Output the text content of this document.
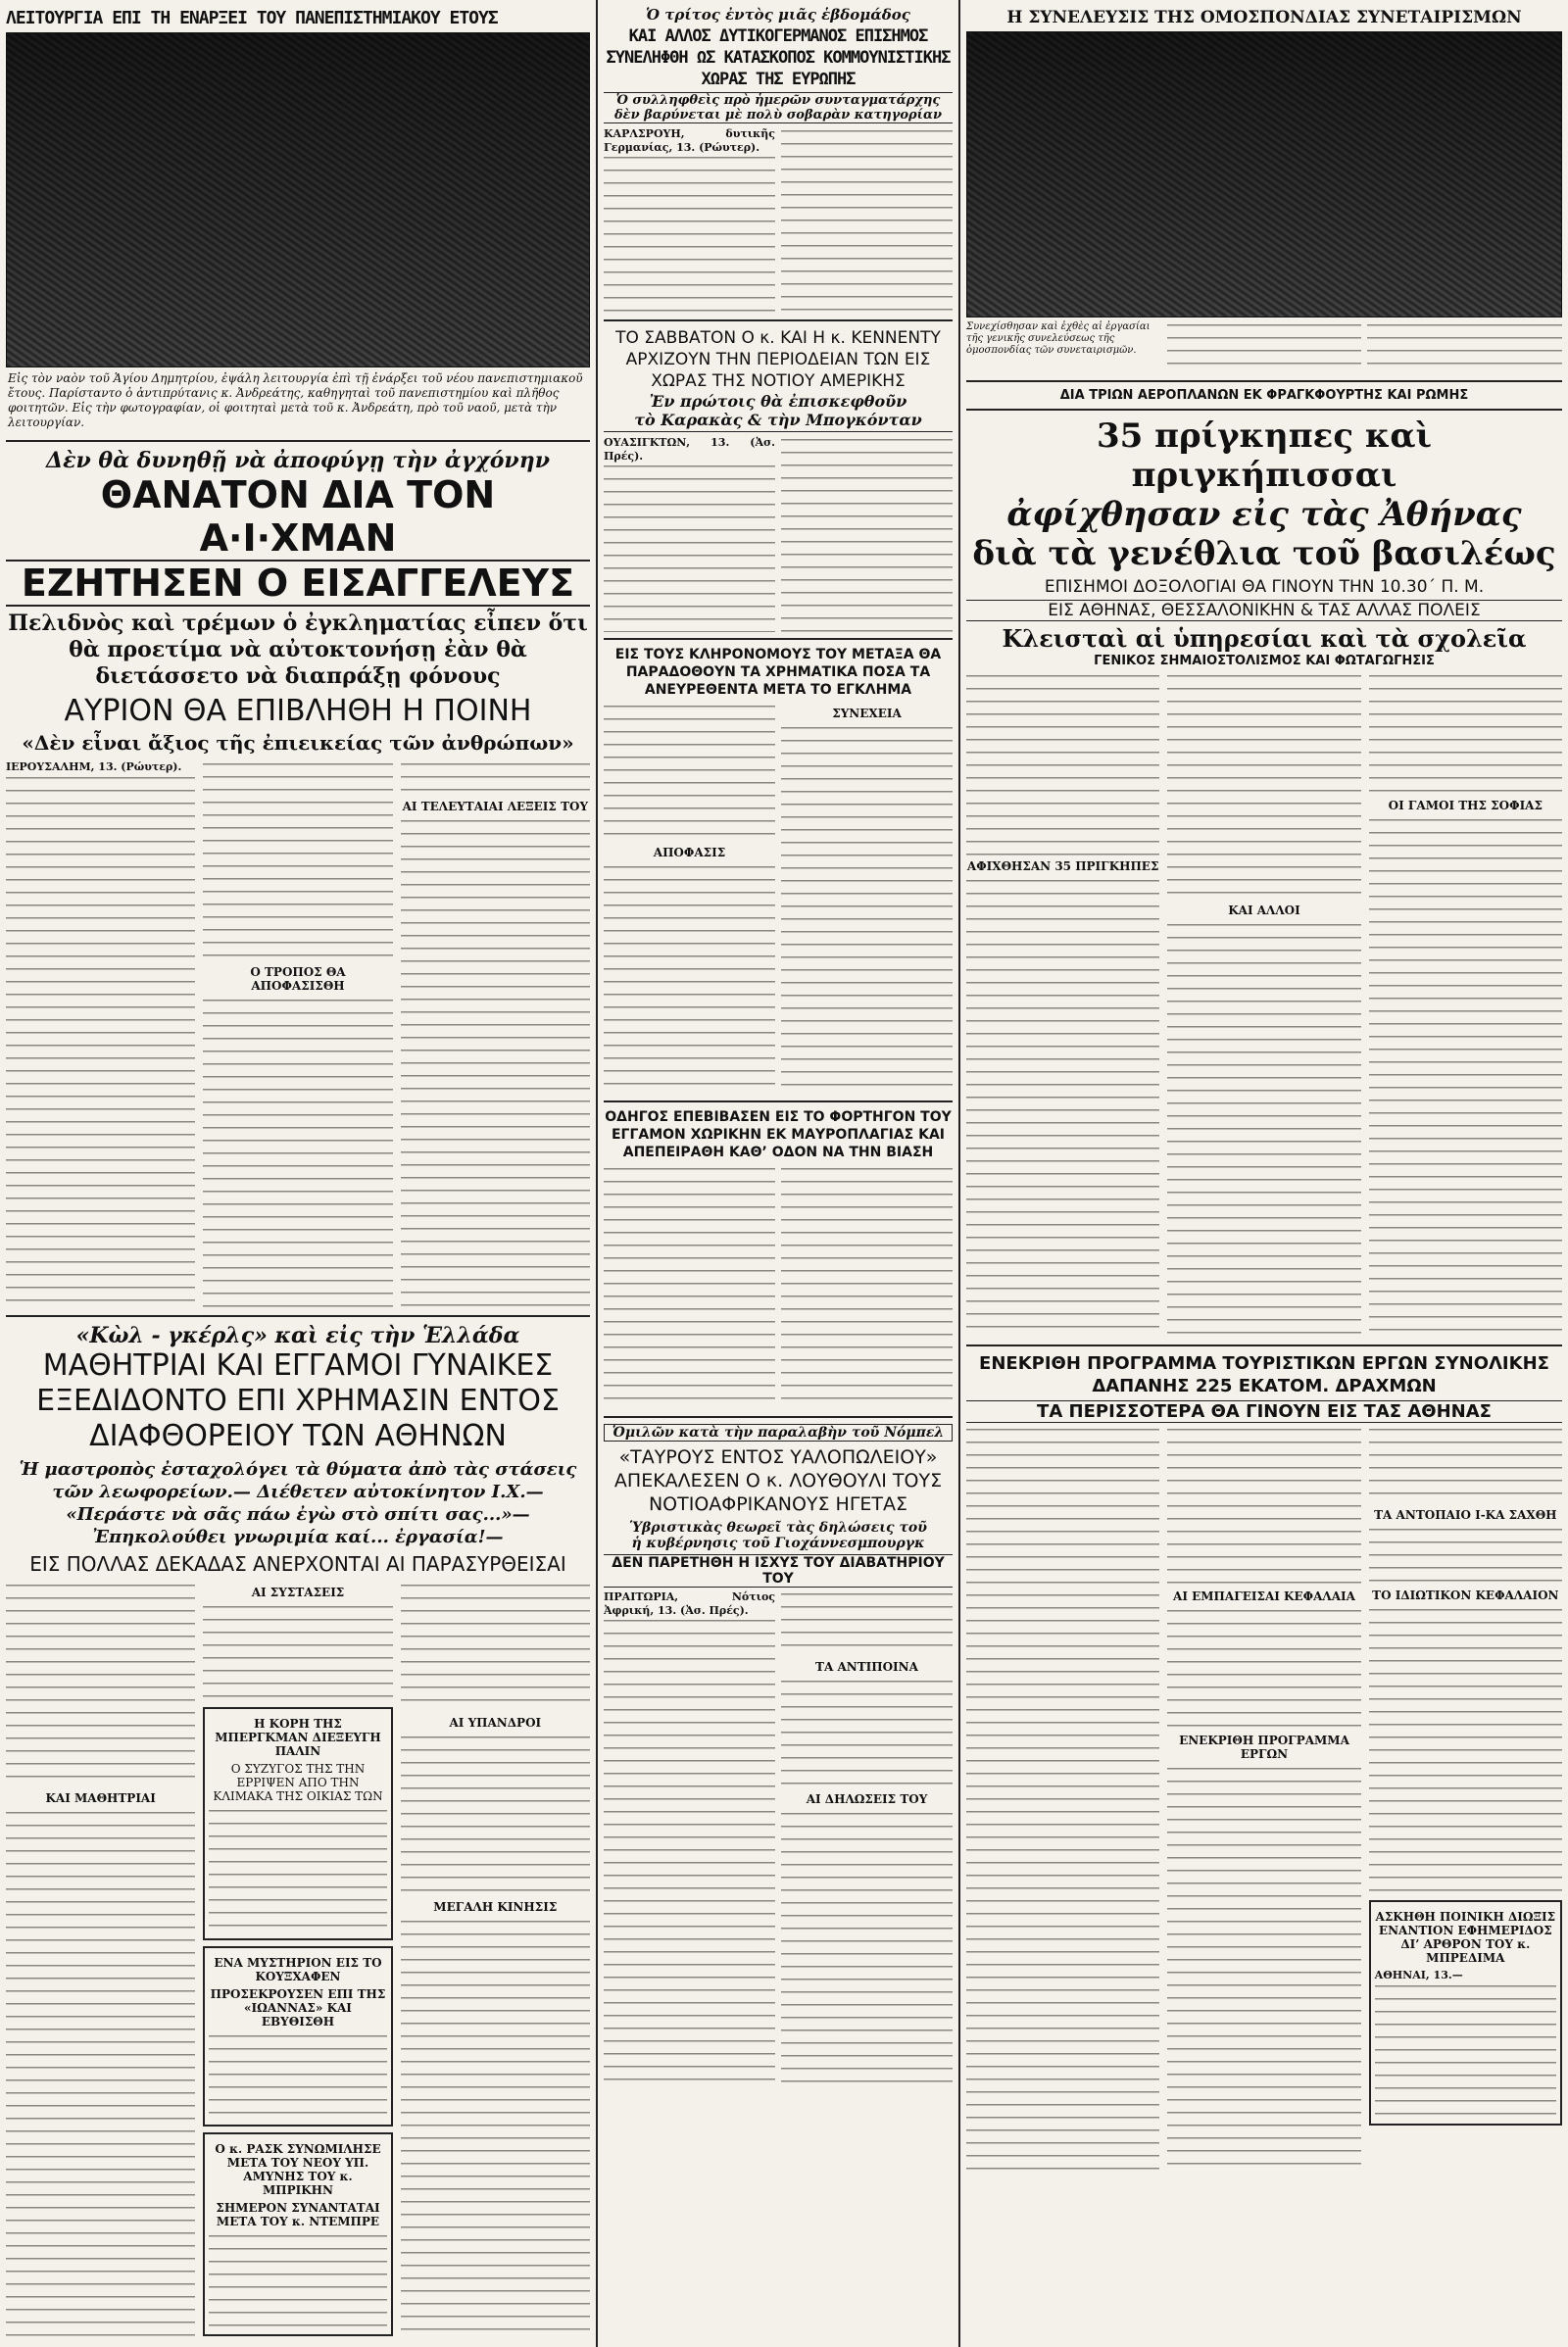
ΛΕΙΤΟΥΡΓΙΑ ΕΠΙ ΤΗ ΕΝΑΡΞΕΙ ΤΟΥ ΠΑΝΕΠΙΣΤΗΜΙΑΚΟΥ ΕΤΟΥΣ
Εἰς τὸν ναὸν τοῦ Ἁγίου Δημητρίου, ἐψάλη λειτουργία ἐπὶ τῇ ἐνάρξει τοῦ νέου πανεπιστημιακοῦ ἔτους. Παρίσταντο ὁ ἀντιπρύτανις κ. Ἀνδρεάτης, καθηγηταὶ τοῦ πανεπιστημίου καὶ πλῆθος φοιτητῶν. Εἰς τὴν φωτογραφίαν, οἱ φοιτηταὶ μετὰ τοῦ κ. Ἀνδρεάτη, πρὸ τοῦ ναοῦ, μετὰ τὴν λειτουργίαν.
Δὲν θὰ δυνηθῇ νὰ ἀποφύγῃ τὴν ἀγχόνην
ΘΑΝΑΤΟΝ ΔΙΑ ΤΟΝ Α·Ι·ΧΜΑΝ
ΕΖΗΤΗΣΕΝ Ο ΕΙΣΑΓΓΕΛΕΥΣ
Πελιδνὸς καὶ τρέμων ὁ ἐγκληματίας εἶπεν ὅτι θὰ προετίμα νὰ αὐτοκτονήσῃ ἐὰν θὰ διετάσσετο νὰ διαπράξῃ φόνους
ΑΥΡΙΟΝ ΘΑ ΕΠΙΒΛΗΘΗ Η ΠΟΙΝΗ
«Δὲν εἶναι ἄξιος τῆς ἐπιεικείας τῶν ἀνθρώπων»
ΙΕΡΟΥΣΑΛΗΜ, 13. (Ρώυτερ).
Ο ΤΡΟΠΟΣ ΘΑ ΑΠΟΦΑΣΙΣΘΗ
ΑΙ ΤΕΛΕΥΤΑΙΑΙ ΛΕΞΕΙΣ ΤΟΥ
«Κὼλ - γκέρλς» καὶ εἰς τὴν Ἑλλάδα
ΜΑΘΗΤΡΙΑΙ ΚΑΙ ΕΓΓΑΜΟΙ ΓΥΝΑΙΚΕΣ ΕΞΕΔΙΔΟΝΤΟ ΕΠΙ ΧΡΗΜΑΣΙΝ ΕΝΤΟΣ ΔΙΑΦΘΟΡΕΙΟΥ ΤΩΝ ΑΘΗΝΩΝ
Ἡ μαστροπὸς ἐσταχολόγει τὰ θύματα ἀπὸ τὰς στάσεις τῶν λεωφορείων.— Διέθετεν αὐτοκίνητον Ι.Χ.— «Περάστε νὰ σᾶς πάω ἐγὼ στὸ σπίτι σας...»— Ἐπηκολούθει γνωριμία καί... ἐργασία!—
ΕΙΣ ΠΟΛΛΑΣ ΔΕΚΑΔΑΣ ΑΝΕΡΧΟΝΤΑΙ ΑΙ ΠΑΡΑΣΥΡΘΕΙΣΑΙ
ΚΑΙ ΜΑΘΗΤΡΙΑΙ
ΑΙ ΣΥΣΤΑΣΕΙΣ
Η ΚΟΡΗ ΤΗΣ ΜΠΕΡΓΚΜΑΝ ΔΙΕΞΕΥΓΗ ΠΑΛΙΝ
Ο ΣΥΖΥΓΟΣ ΤΗΣ ΤΗΝ ΕΡΡΙΨΕΝ ΑΠΟ ΤΗΝ ΚΛΙΜΑΚΑ ΤΗΣ ΟΙΚΙΑΣ ΤΩΝ
ΕΝΑ ΜΥΣΤΗΡΙΟΝ ΕΙΣ ΤΟ ΚΟΥΞΧΑΦΕΝ
ΠΡΟΣΕΚΡΟΥΣΕΝ ΕΠΙ ΤΗΣ «ΙΩΑΝΝΑΣ» ΚΑΙ ΕΒΥΘΙΣΘΗ
Ο κ. ΡΑΣΚ ΣΥΝΩΜΙΛΗΣΕ ΜΕΤΑ ΤΟΥ ΝΕΟΥ ΥΠ. ΑΜΥΝΗΣ ΤΟΥ κ. ΜΠΡΙΚΗΝ
ΣΗΜΕΡΟΝ ΣΥΝΑΝΤΑΤΑΙ ΜΕΤΑ ΤΟΥ κ. ΝΤΕΜΠΡΕ
ΑΙ ΥΠΑΝΔΡΟΙ
ΜΕΓΑΛΗ ΚΙΝΗΣΙΣ
Ὁ τρίτος ἐντὸς μιᾶς ἑβδομάδος
ΚΑΙ ΑΛΛΟΣ ΔΥΤΙΚΟΓΕΡΜΑΝΟΣ ΕΠΙΣΗΜΟΣ ΣΥΝΕΛΗΦΘΗ ΩΣ ΚΑΤΑΣΚΟΠΟΣ ΚΟΜΜΟΥΝΙΣΤΙΚΗΣ ΧΩΡΑΣ ΤΗΣ ΕΥΡΩΠΗΣ
Ὁ συλληφθεὶς πρὸ ἡμερῶν συνταγματάρχης
δὲν βαρύνεται μὲ πολὺ σοβαρὰν κατηγορίαν
ΚΑΡΛΣΡΟΥΗ, δυτικῆς Γερμανίας, 13. (Ρώυτερ).
ΤΟ ΣΑΒΒΑΤΟΝ Ο κ. ΚΑΙ Η κ. ΚΕΝΝΕΝΤΥ ΑΡΧΙΖΟΥΝ ΤΗΝ ΠΕΡΙΟΔΕΙΑΝ ΤΩΝ ΕΙΣ ΧΩΡΑΣ ΤΗΣ ΝΟΤΙΟΥ ΑΜΕΡΙΚΗΣ
Ἐν πρώτοις θὰ ἐπισκεφθοῦν
τὸ Καρακὰς & τὴν Μπογκόνταν
ΟΥΑΣΙΓΚΤΩΝ, 13. (Ἀσ. Πρές).
ΕΙΣ ΤΟΥΣ ΚΛΗΡΟΝΟΜΟΥΣ ΤΟΥ ΜΕΤΑΞΑ ΘΑ ΠΑΡΑΔΟΘΟΥΝ ΤΑ ΧΡΗΜΑΤΙΚΑ ΠΟΣΑ ΤΑ ΑΝΕΥΡΕΘΕΝΤΑ ΜΕΤΑ ΤΟ ΕΓΚΛΗΜΑ
ΑΠΟΦΑΣΙΣ
ΣΥΝΕΧΕΙΑ
ΟΔΗΓΟΣ ΕΠΕΒΙΒΑΣΕΝ ΕΙΣ ΤΟ ΦΟΡΤΗΓΟΝ ΤΟΥ ΕΓΓΑΜΟΝ ΧΩΡΙΚΗΝ ΕΚ ΜΑΥΡΟΠΛΑΓΙΑΣ ΚΑΙ ΑΠΕΠΕΙΡΑΘΗ ΚΑΘ’ ΟΔΟΝ ΝΑ ΤΗΝ ΒΙΑΣΗ
Ὁμιλῶν κατὰ τὴν παραλαβὴν τοῦ Νόμπελ
«ΤΑΥΡΟΥΣ ΕΝΤΟΣ ΥΑΛΟΠΩΛΕΙΟΥ» ΑΠΕΚΑΛΕΣΕΝ Ο κ. ΛΟΥΘΟΥΛΙ ΤΟΥΣ ΝΟΤΙΟΑΦΡΙΚΑΝΟΥΣ ΗΓΕΤΑΣ
Ὑβριστικὰς θεωρεῖ τὰς δηλώσεις τοῦ
ἡ κυβέρνησις τοῦ Γιοχάννεσμπουργκ
ΔΕΝ ΠΑΡΕΤΗΘΗ Η ΙΣΧΥΣ ΤΟΥ ΔΙΑΒΑΤΗΡΙΟΥ ΤΟΥ
ΠΡΑΙΤΩΡΙΑ, Νότιος Ἀφρική, 13. (Ἀσ. Πρές).
ΤΑ ΑΝΤΙΠΟΙΝΑ
ΑΙ ΔΗΛΩΣΕΙΣ ΤΟΥ
Η ΣΥΝΕΛΕΥΣΙΣ ΤΗΣ ΟΜΟΣΠΟΝΔΙΑΣ ΣΥΝΕΤΑΙΡΙΣΜΩΝ
Συνεχίσθησαν καὶ ἐχθὲς αἱ ἐργασίαι τῆς γενικῆς συνελεύσεως τῆς ὁμοσπονδίας τῶν συνεταιρισμῶν.
ΔΙΑ ΤΡΙΩΝ ΑΕΡΟΠΛΑΝΩΝ ΕΚ ΦΡΑΓΚΦΟΥΡΤΗΣ ΚΑΙ ΡΩΜΗΣ
35 πρίγκηπες καὶ πριγκήπισσαι
ἀφίχθησαν εἰς τὰς Ἀθήνας
διὰ τὰ γενέθλια τοῦ βασιλέως
ΕΠΙΣΗΜΟΙ ΔΟΞΟΛΟΓΙΑΙ ΘΑ ΓΙΝΟΥΝ ΤΗΝ 10.30΄ Π. Μ.
ΕΙΣ ΑΘΗΝΑΣ, ΘΕΣΣΑΛΟΝΙΚΗΝ & ΤΑΣ ΑΛΛΑΣ ΠΟΛΕΙΣ
Κλεισταὶ αἱ ὑπηρεσίαι καὶ τὰ σχολεῖα
ΓΕΝΙΚΟΣ ΣΗΜΑΙΟΣΤΟΛΙΣΜΟΣ ΚΑΙ ΦΩΤΑΓΩΓΗΣΙΣ
ΑΦΙΧΘΗΣΑΝ 35 ΠΡΙΓΚΗΠΕΣ
ΚΑΙ ΑΛΛΟΙ
ΟΙ ΓΑΜΟΙ ΤΗΣ ΣΟΦΙΑΣ
ΕΝΕΚΡΙΘΗ ΠΡΟΓΡΑΜΜΑ ΤΟΥΡΙΣΤΙΚΩΝ ΕΡΓΩΝ ΣΥΝΟΛΙΚΗΣ ΔΑΠΑΝΗΣ 225 ΕΚΑΤΟΜ. ΔΡΑΧΜΩΝ
ΤΑ ΠΕΡΙΣΣΟΤΕΡΑ ΘΑ ΓΙΝΟΥΝ ΕΙΣ ΤΑΣ ΑΘΗΝΑΣ
ΑΙ ΕΜΠΑΓΕΙΣΑΙ ΚΕΦΑΛΑΙΑ
ΕΝΕΚΡΙΘΗ ΠΡΟΓΡΑΜΜΑ ΕΡΓΩΝ
ΤΑ ΑΝΤΟΠΑΙΟ Ι-ΚΑ ΣΑΧΘΗ
ΤΟ ΙΔΙΩΤΙΚΟΝ ΚΕΦΑΛΑΙΟΝ
ΑΣΚΗΘΗ ΠΟΙΝΙΚΗ ΔΙΩΞΙΣ ΕΝΑΝΤΙΟΝ ΕΦΗΜΕΡΙΔΟΣ ΔΙ’ ΑΡΘΡΟΝ ΤΟΥ κ. ΜΠΡΕΔΙΜΑ
ΑΘΗΝΑΙ, 13.—
